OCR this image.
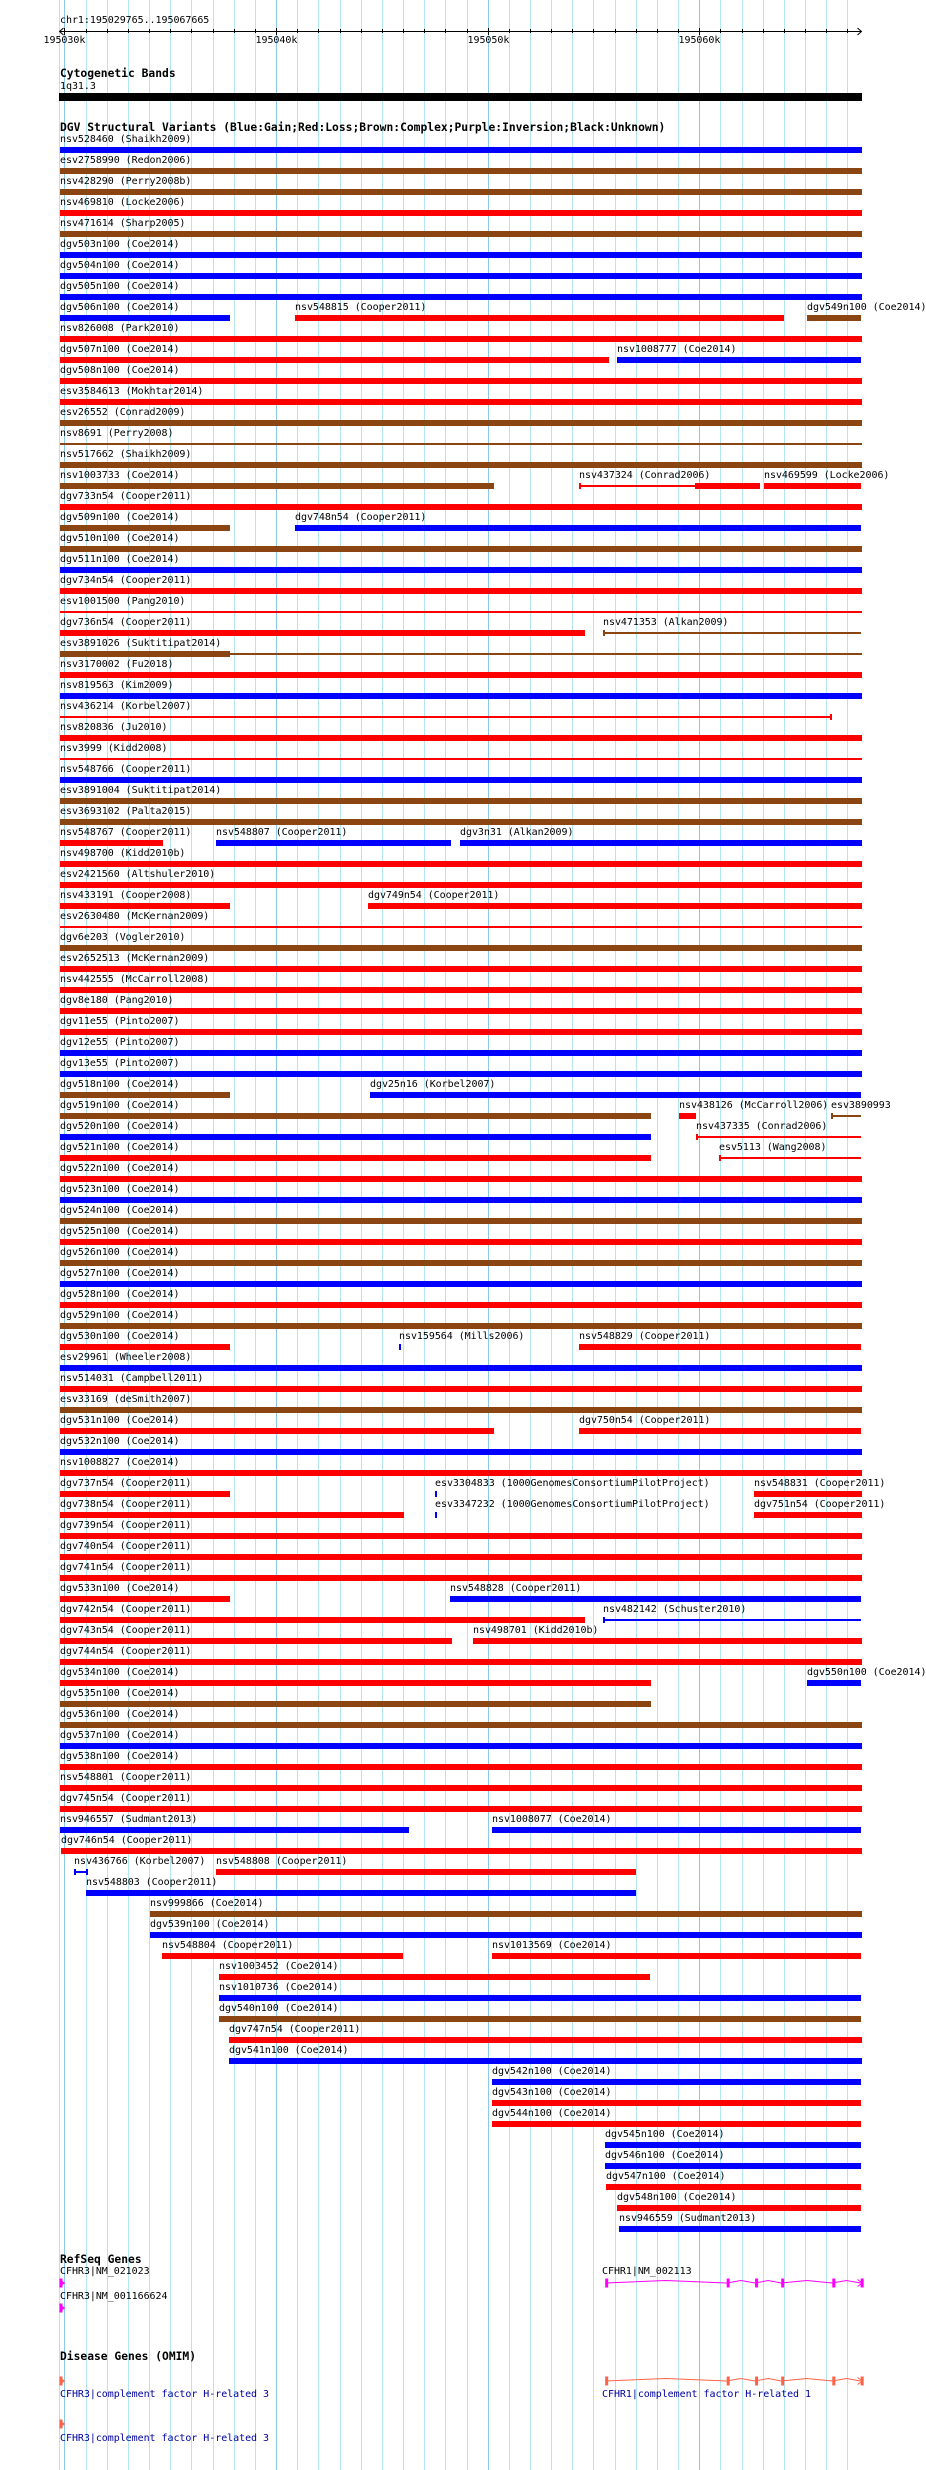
chr1:195029765..195067665
195030k	195040k	195050k	195060k
Cytogenetic Bands
1q31.3
DGV Structural Variants (Blue:Gain;Red:Loss;Brown:Complex;Purple:Inversion;Black:Unknown)
nsv528460 (Shaikh2009)
esv2758990 (Redon2006)
nsv428290 (Perry2008b)
nsv469810 (Locke2006)
nsv471614 (Sharp2005)
dgv503n100 (Coe2014)
dgv504n100 (Coe2014)
dgv505n100 (Coe2014)
dgv506n100 (Coe2014)	nsv548815 (Cooper2011)	dgv549n100 (Coe2014)
nsv826008 (Park2010)
dgv507n100 (Coe2014)	nsv1008777 (Coe2014)
dgv508n100 (Coe2014)
esv3584613 (Mokhtar2014)
esv26552 (Conrad2009)
nsv8691 (Perry2008)
nsv517662 (Shaikh2009)
nsv1003733 (Coe2014)	nsv437324 (Conrad2006)	nsv469599 (Locke2006)
dgv733n54 (Cooper2011)
dgv509n100 (Coe2014)	dgv748n54 (Cooper2011)
dgv510n100 (Coe2014)
dgv511n100 (Coe2014)
dgv734n54 (Cooper2011)
esv1001500 (Pang2010)
dgv736n54 (Cooper2011)	nsv471353 (Alkan2009)
esv3891026 (Suktitipat2014)
nsv3170002 (Fu2018)
nsv819563 (Kim2009)
nsv436214 (Korbel2007)
nsv820836 (Ju2010)
nsv3999 (Kidd2008)
nsv548766 (Cooper2011)
esv3891004 (Suktitipat2014)
esv3693102 (Palta2015)
nsv548767 (Cooper2011) nsv548807 (Cooper2011)	dgv3n31 (Alkan2009)
nsv498700 (Kidd2010b)
esv2421560 (Altshuler2010)
nsv433191 (Cooper2008)	dgv749n54 (Cooper2011)
esv2630480 (McKernan2009)
dgv6e203 (Vogler2010)
esv2652513 (McKernan2009)
nsv442555 (McCarroll2008)
dgv8e180 (Pang2010)
dgv11e55 (Pinto2007)
dgv12e55 (Pinto2007)
dgv13e55 (Pinto2007)
dgv518n100 (Coe2014)	dgv25n16 (Korbel2007)
dgv519n100 (Coe2014)	nsv438126 (McCarroll2006) esv3890993
dgv520n100 (Coe2014)	nsv437335 (Conrad2006)
dgv521n100 (Coe2014)	esv5113 (Wang2008)
dgv522n100 (Coe2014)
dgv523n100 (Coe2014)
dgv524n100 (Coe2014)
dgv525n100 (Coe2014)
dgv526n100 (Coe2014)
dgv527n100 (Coe2014)
dgv528n100 (Coe2014)
dgv529n100 (Coe2014)
dgv530n100 (Coe2014)	nsv159564 (Mills2006)	nsv548829 (Cooper2011)
esv29961 (Wheeler2008)
nsv514031 (Campbell2011)
esv33169 (deSmith2007)
dgv531n100 (Coe2014)	dgv750n54 (Cooper2011)
dgv532n100 (Coe2014)
nsv1008827 (Coe2014)
dgv737n54 (Cooper2011)	esv3304833 (1000GenomesConsortiumPilotProject)	nsv548831 (Cooper2011)
dgv738n54 (Cooper2011)	esv3347232 (1000GenomesConsortiumPilotProject)	dgv751n54 (Cooper2011)
dgv739n54 (Cooper2011)
dgv740n54 (Cooper2011)
dgv741n54 (Cooper2011)
dgv533n100 (Coe2014)	nsv548828 (Cooper2011)
dgv742n54 (Cooper2011)	nsv482142 (Schuster2010)
dgv743n54 (Cooper2011)	nsv498701 (Kidd2010b)
dgv744n54 (Cooper2011)
dgv534n100 (Coe2014)	dgv550n100 (Coe2014)
dgv535n100 (Coe2014)
dgv536n100 (Coe2014)
dgv537n100 (Coe2014)
dgv538n100 (Coe2014)
nsv548801 (Cooper2011)
dgv745n54 (Cooper2011)
nsv946557 (Sudmant2013)	nsv1008077 (Coe2014)
dgv746n54 (Cooper2011)
nsv436766 (Korbel2007) nsv548808 (Cooper2011)
nsv548803 (Cooper2011)
nsv999866 (Coe2014)
dgv539n100 (Coe2014)
nsv548804 (Cooper2011)	nsv1013569 (Coe2014)
nsv1003452 (Coe2014)
nsv1010736 (Coe2014)
dgv540n100 (Coe2014)
dgv747n54 (Cooper2011)
dgv541n100 (Coe2014)
dgv542n100 (Coe2014)
dgv543n100 (Coe2014)
dgv544n100 (Coe2014)
dgv545n100 (Coe2014)
dgv546n100 (Coe2014)
dgv547n100 (Coe2014)
dgv548n100 (Coe2014)
nsv946559 (Sudmant2013)
RefSeq Genes
Disease Genes (OMIM)
CFHR3|NM_021023	CFHR1|NM_002113
CFHR3|NM_001166624
CFHR3|complement factor H-related 3	CFHR1|complement factor H-related 1
CFHR3|complement factor H-related 3
